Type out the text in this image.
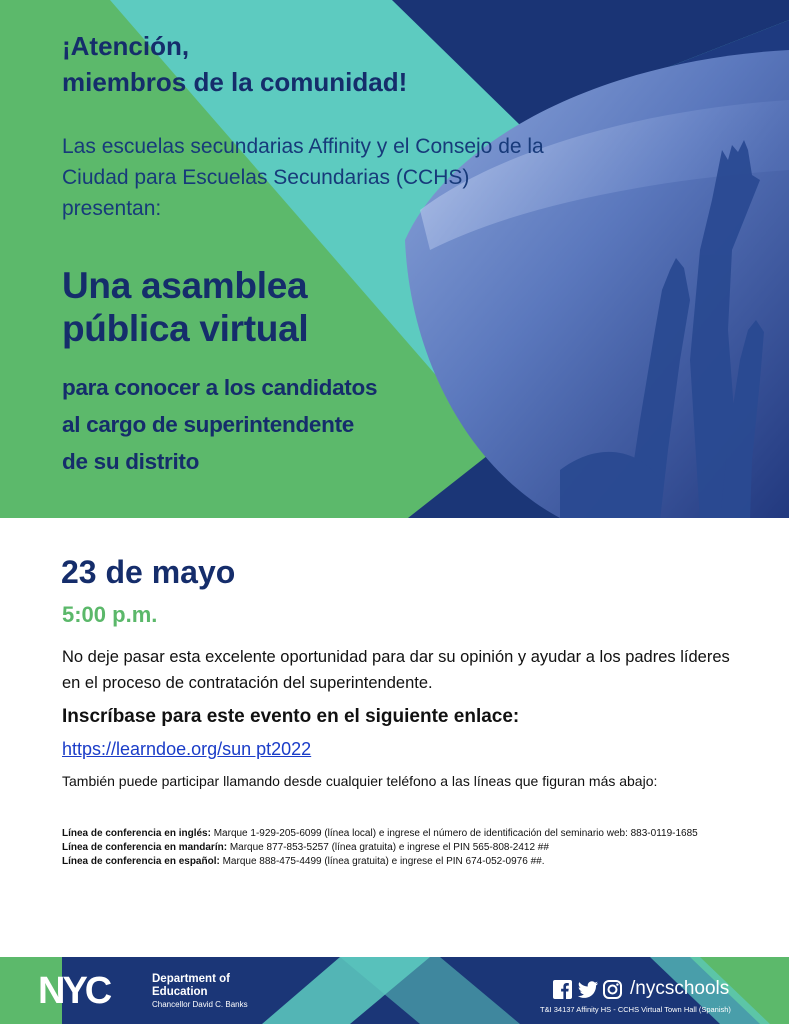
¡Atención,
miembros de la comunidad!
Las escuelas secundarias Affinity y el Consejo de la Ciudad para Escuelas Secundarias (CCHS) presentan:
Una asamblea
pública virtual
para conocer a los candidatos
al cargo de superintendente
de su distrito
23 de mayo
5:00 p.m.
No deje pasar esta excelente oportunidad para dar su opinión y ayudar a los padres líderes en el proceso de contratación del superintendente.
Inscríbase para este evento en el siguiente enlace:
https://learndoe.org/sun pt2022
También puede participar llamando desde cualquier teléfono a las líneas que figuran más abajo:
Línea de conferencia en inglés: Marque 1-929-205-6099 (línea local) e ingrese el número de identificación del seminario web: 883-0119-1685
Línea de conferencia en mandarín: Marque 877-853-5257 (línea gratuita) e ingrese el PIN 565-808-2412 ##
Línea de conferencia en español: Marque 888-475-4499 (línea gratuita) e ingrese el PIN 674-052-0976 ##.
NYC	Department of
Education
Chancellor David C. Banks
/nycschools
T&I 34137 Affinity HS - CCHS Virtual Town Hall (Spanish)
